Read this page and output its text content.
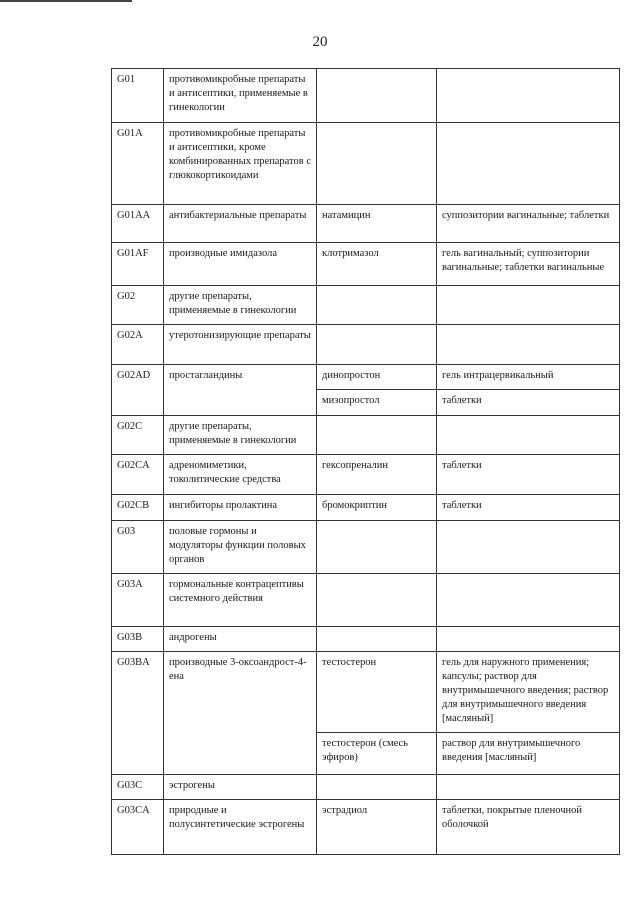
20
G01	противомикробные препараты и антисептики, применяемые в гинекологии		
G01A	противомикробные препараты и антисептики, кроме комбинированных препаратов с глюкокортикоидами		
G01AA	антибактериальные препараты	натамицин	суппозитории вагинальные; таблетки
G01AF	производные имидазола	клотримазол	гель вагинальный; суппозитории вагинальные; таблетки вагинальные
G02	другие препараты, применяемые в гинекологии		
G02A	утеротонизирующие препараты		
G02AD	простагландины	динопростон	гель интрацервикальный
		мизопростол	таблетки
G02C	другие препараты, применяемые в гинекологии		
G02CA	адреномиметики, токолитические средства	гексопреналин	таблетки
G02CB	ингибиторы пролактина	бромокриптин	таблетки
G03	половые гормоны и модуляторы функции половых органов		
G03A	гормональные контрацептивы системного действия		
G03B	андрогены		
G03BA	производные 3-оксоандрост-4-ена	тестостерон	гель для наружного применения; капсулы; раствор для внутримышечного введения; раствор для внутримышечного введения [масляный]
		тестостерон (смесь эфиров)	раствор для внутримышечного введения [масляный]
G03C	эстрогены		
G03CA	природные и полусинтетические эстрогены	эстрадиол	таблетки, покрытые пленочной оболочкой
